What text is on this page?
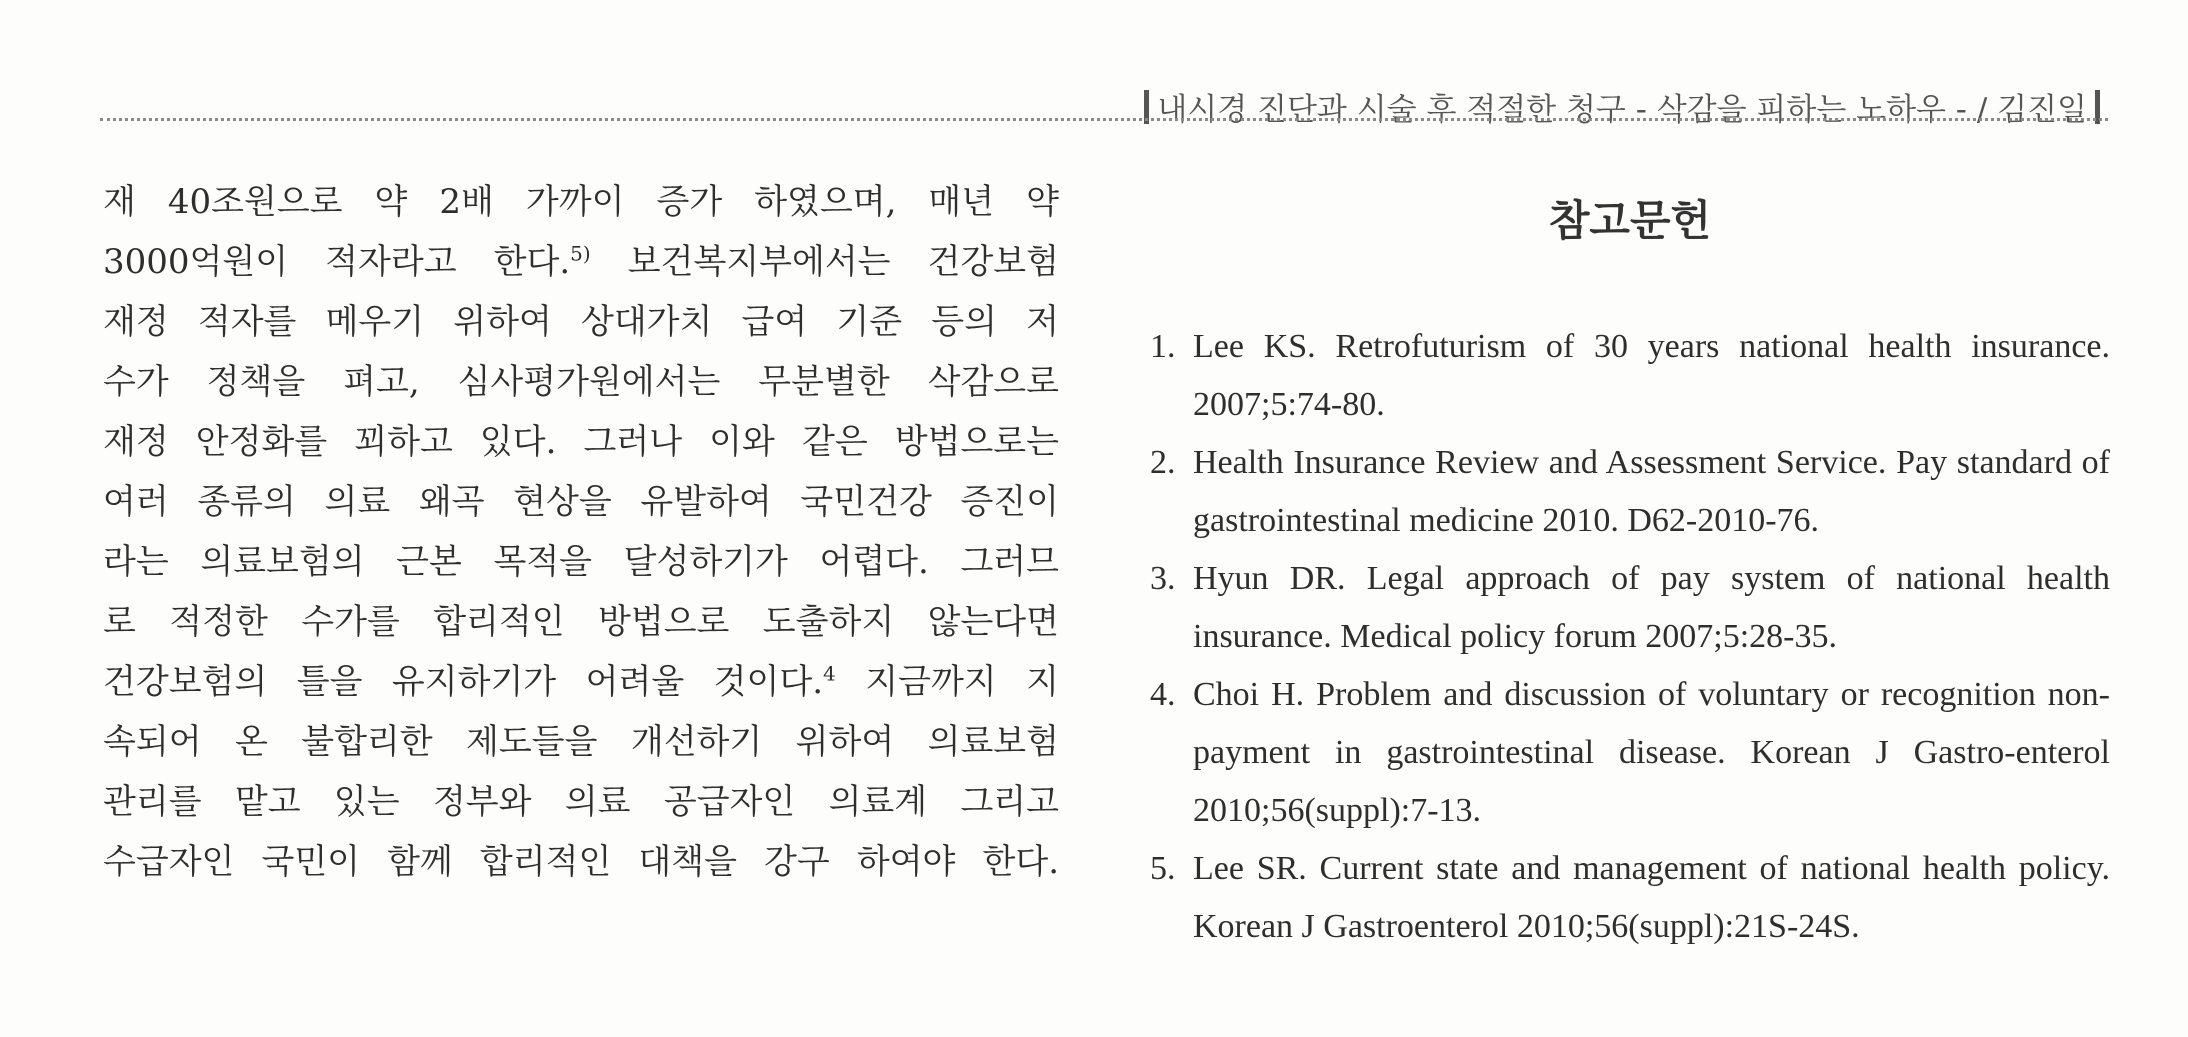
내시경 진단과 시술 후 적절한 청구 - 삭감을 피하는 노하우 - / 김진일
재 40조원으로 약 2배 가까이 증가 하였으며, 매년 약
3000억원이 적자라고 한다.$^{5)}$ 보건복지부에서는 건강보험
재정 적자를 메우기 위하여 상대가치 급여 기준 등의 저
수가 정책을 펴고, 심사평가원에서는 무분별한 삭감으로
재정 안정화를 꾀하고 있다. 그러나 이와 같은 방법으로는
여러 종류의 의료 왜곡 현상을 유발하여 국민건강 증진이
라는 의료보험의 근본 목적을 달성하기가 어렵다. 그러므
로 적정한 수가를 합리적인 방법으로 도출하지 않는다면
건강보험의 틀을 유지하기가 어려울 것이다.$^4$ 지금까지 지
속되어 온 불합리한 제도들을 개선하기 위하여 의료보험
관리를 맡고 있는 정부와 의료 공급자인 의료계 그리고
수급자인 국민이 함께 합리적인 대책을 강구 하여야 한다.
참고문헌
1. Lee KS. Retrofuturism of 30 years national health insurance. 2007;5:74-80.
2. Health Insurance Review and Assessment Service. Pay standard of gastrointestinal medicine 2010. D62-2010-76.
3. Hyun DR. Legal approach of pay system of national health insurance. Medical policy forum 2007;5:28-35.
4. Choi H. Problem and discussion of voluntary or recognition non-payment in gastrointestinal disease. Korean J Gastro-enterol 2010;56(suppl):7-13.
5. Lee SR. Current state and management of national health policy. Korean J Gastroenterol 2010;56(suppl):21S-24S.
